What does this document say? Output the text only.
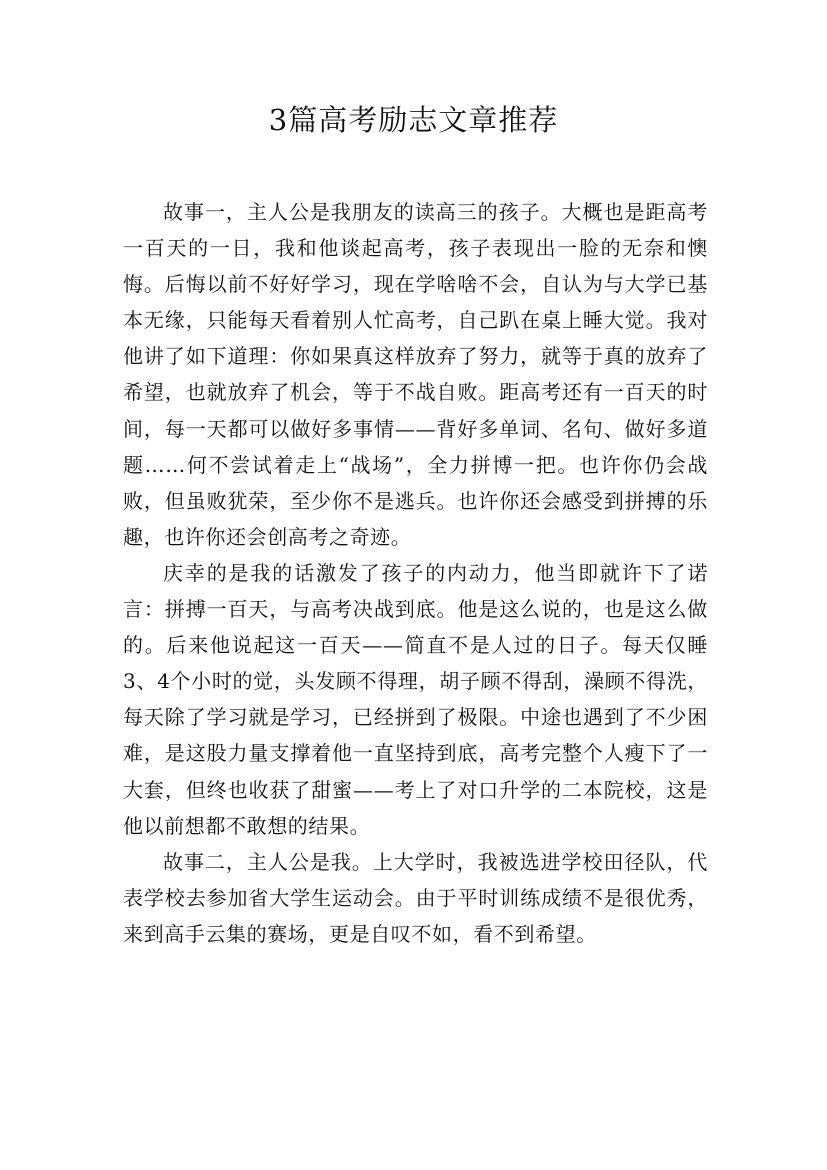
3篇高考励志文章推荐

故事一，主人公是我朋友的读高三的孩子。大概也是距高考一百天的一日，我和他谈起高考，孩子表现出一脸的无奈和懊悔。后悔以前不好好学习，现在学啥啥不会，自认为与大学已基本无缘，只能每天看着别人忙高考，自己趴在桌上睡大觉。我对他讲了如下道理：你如果真这样放弃了努力，就等于真的放弃了希望，也就放弃了机会，等于不战自败。距高考还有一百天的时间，每一天都可以做好多事情——背好多单词、名句、做好多道题……何不尝试着走上“战场”，全力拼博一把。也许你仍会战败，但虽败犹荣，至少你不是逃兵。也许你还会感受到拼搏的乐趣，也许你还会创高考之奇迹。

庆幸的是我的话激发了孩子的内动力，他当即就许下了诺言：拼搏一百天，与高考决战到底。他是这么说的，也是这么做的。后来他说起这一百天——简直不是人过的日子。每天仅睡3、4个小时的觉，头发顾不得理，胡子顾不得刮，澡顾不得洗，每天除了学习就是学习，已经拼到了极限。中途也遇到了不少困难，是这股力量支撑着他一直坚持到底，高考完整个人瘦下了一大套，但终也收获了甜蜜——考上了对口升学的二本院校，这是他以前想都不敢想的结果。

故事二，主人公是我。上大学时，我被选进学校田径队，代表学校去参加省大学生运动会。由于平时训练成绩不是很优秀，来到高手云集的赛场，更是自叹不如，看不到希望。
